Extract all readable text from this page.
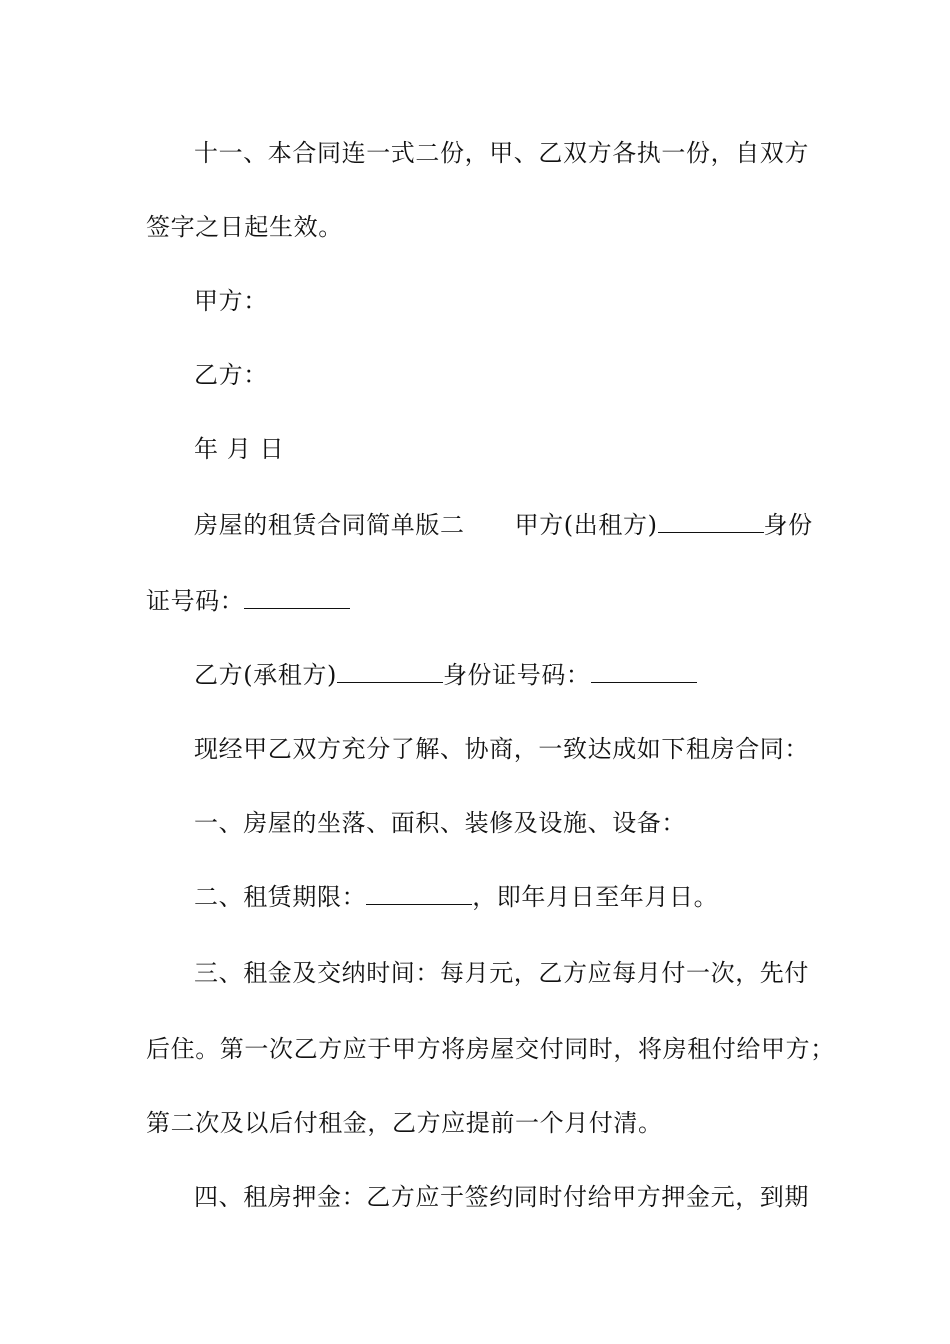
十一、本合同连一式二份，甲、乙双方各执一份，自双方
签字之日起生效。
甲方：
乙方：
年 月 日
房屋的租赁合同简单版二 甲方(出租方)	身份
证号码：
乙方(承租方)	身份证号码：
现经甲乙双方充分了解、协商，一致达成如下租房合同：
一、房屋的坐落、面积、装修及设施、设备：
二、租赁期限：	，即年月日至年月日。
三、租金及交纳时间：每月元，乙方应每月付一次，先付
后住。第一次乙方应于甲方将房屋交付同时，将房租付给甲方；
第二次及以后付租金，乙方应提前一个月付清。
四、租房押金：乙方应于签约同时付给甲方押金元，到期
